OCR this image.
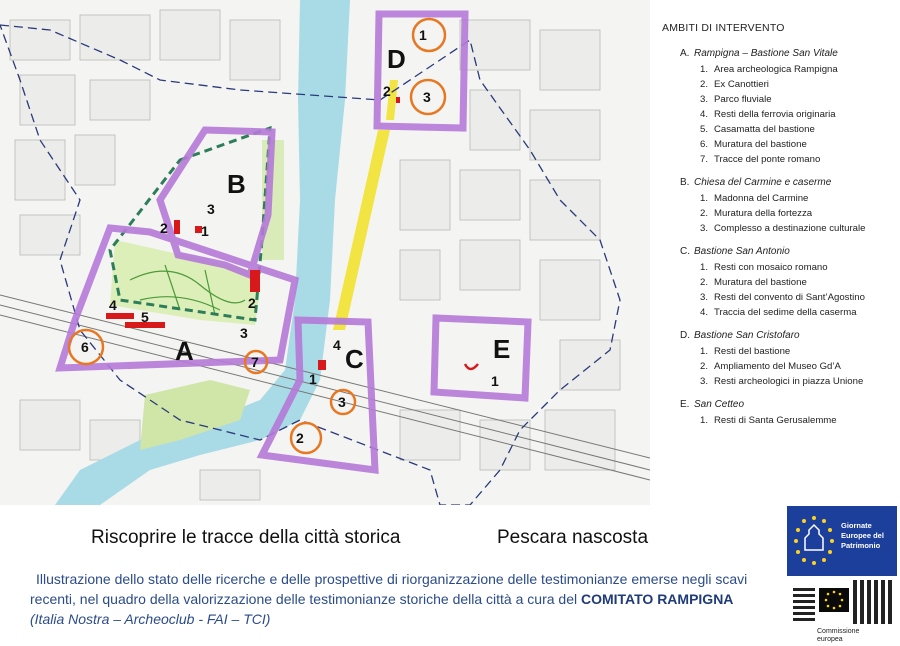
D
B
A	C	E
1
2 3
1
2
3
2
3
4
5
6
7
1
2
3
4
1
AMBITI DI INTERVENTO
A. Rampigna – Bastione San Vitale
1. Area archeologica Rampigna
2. Ex Canottieri
3. Parco fluviale
4. Resti della ferrovia originaria
5. Casamatta del bastione
6. Muratura del bastione
7. Tracce del ponte romano
B. Chiesa del Carmine e caserme
1. Madonna del Carmine
2. Muratura della fortezza
3. Complesso a destinazione culturale
C. Bastione San Antonio
1. Resti con mosaico romano
2. Muratura del bastione
3. Resti del convento di Sant’Agostino
4. Traccia del sedime della caserma
D. Bastione San Cristofaro
1. Resti del bastione
2. Ampliamento del Museo Gd’A
3. Resti archeologici in piazza Unione
E. San Cetteo
1. Resti di Santa Gerusalemme
Riscoprire le tracce della città storica	Pescara nascosta
Illustrazione dello stato delle ricerche e delle prospettive di riorganizzazione delle testimonianze emerse negli scavi
recenti, nel quadro della valorizzazione delle testimonianze storiche della città a cura del COMITATO RAMPIGNA
(Italia Nostra – Archeoclub - FAI – TCI)
Giornate Europee del Patrimonio
Commissione
europea
